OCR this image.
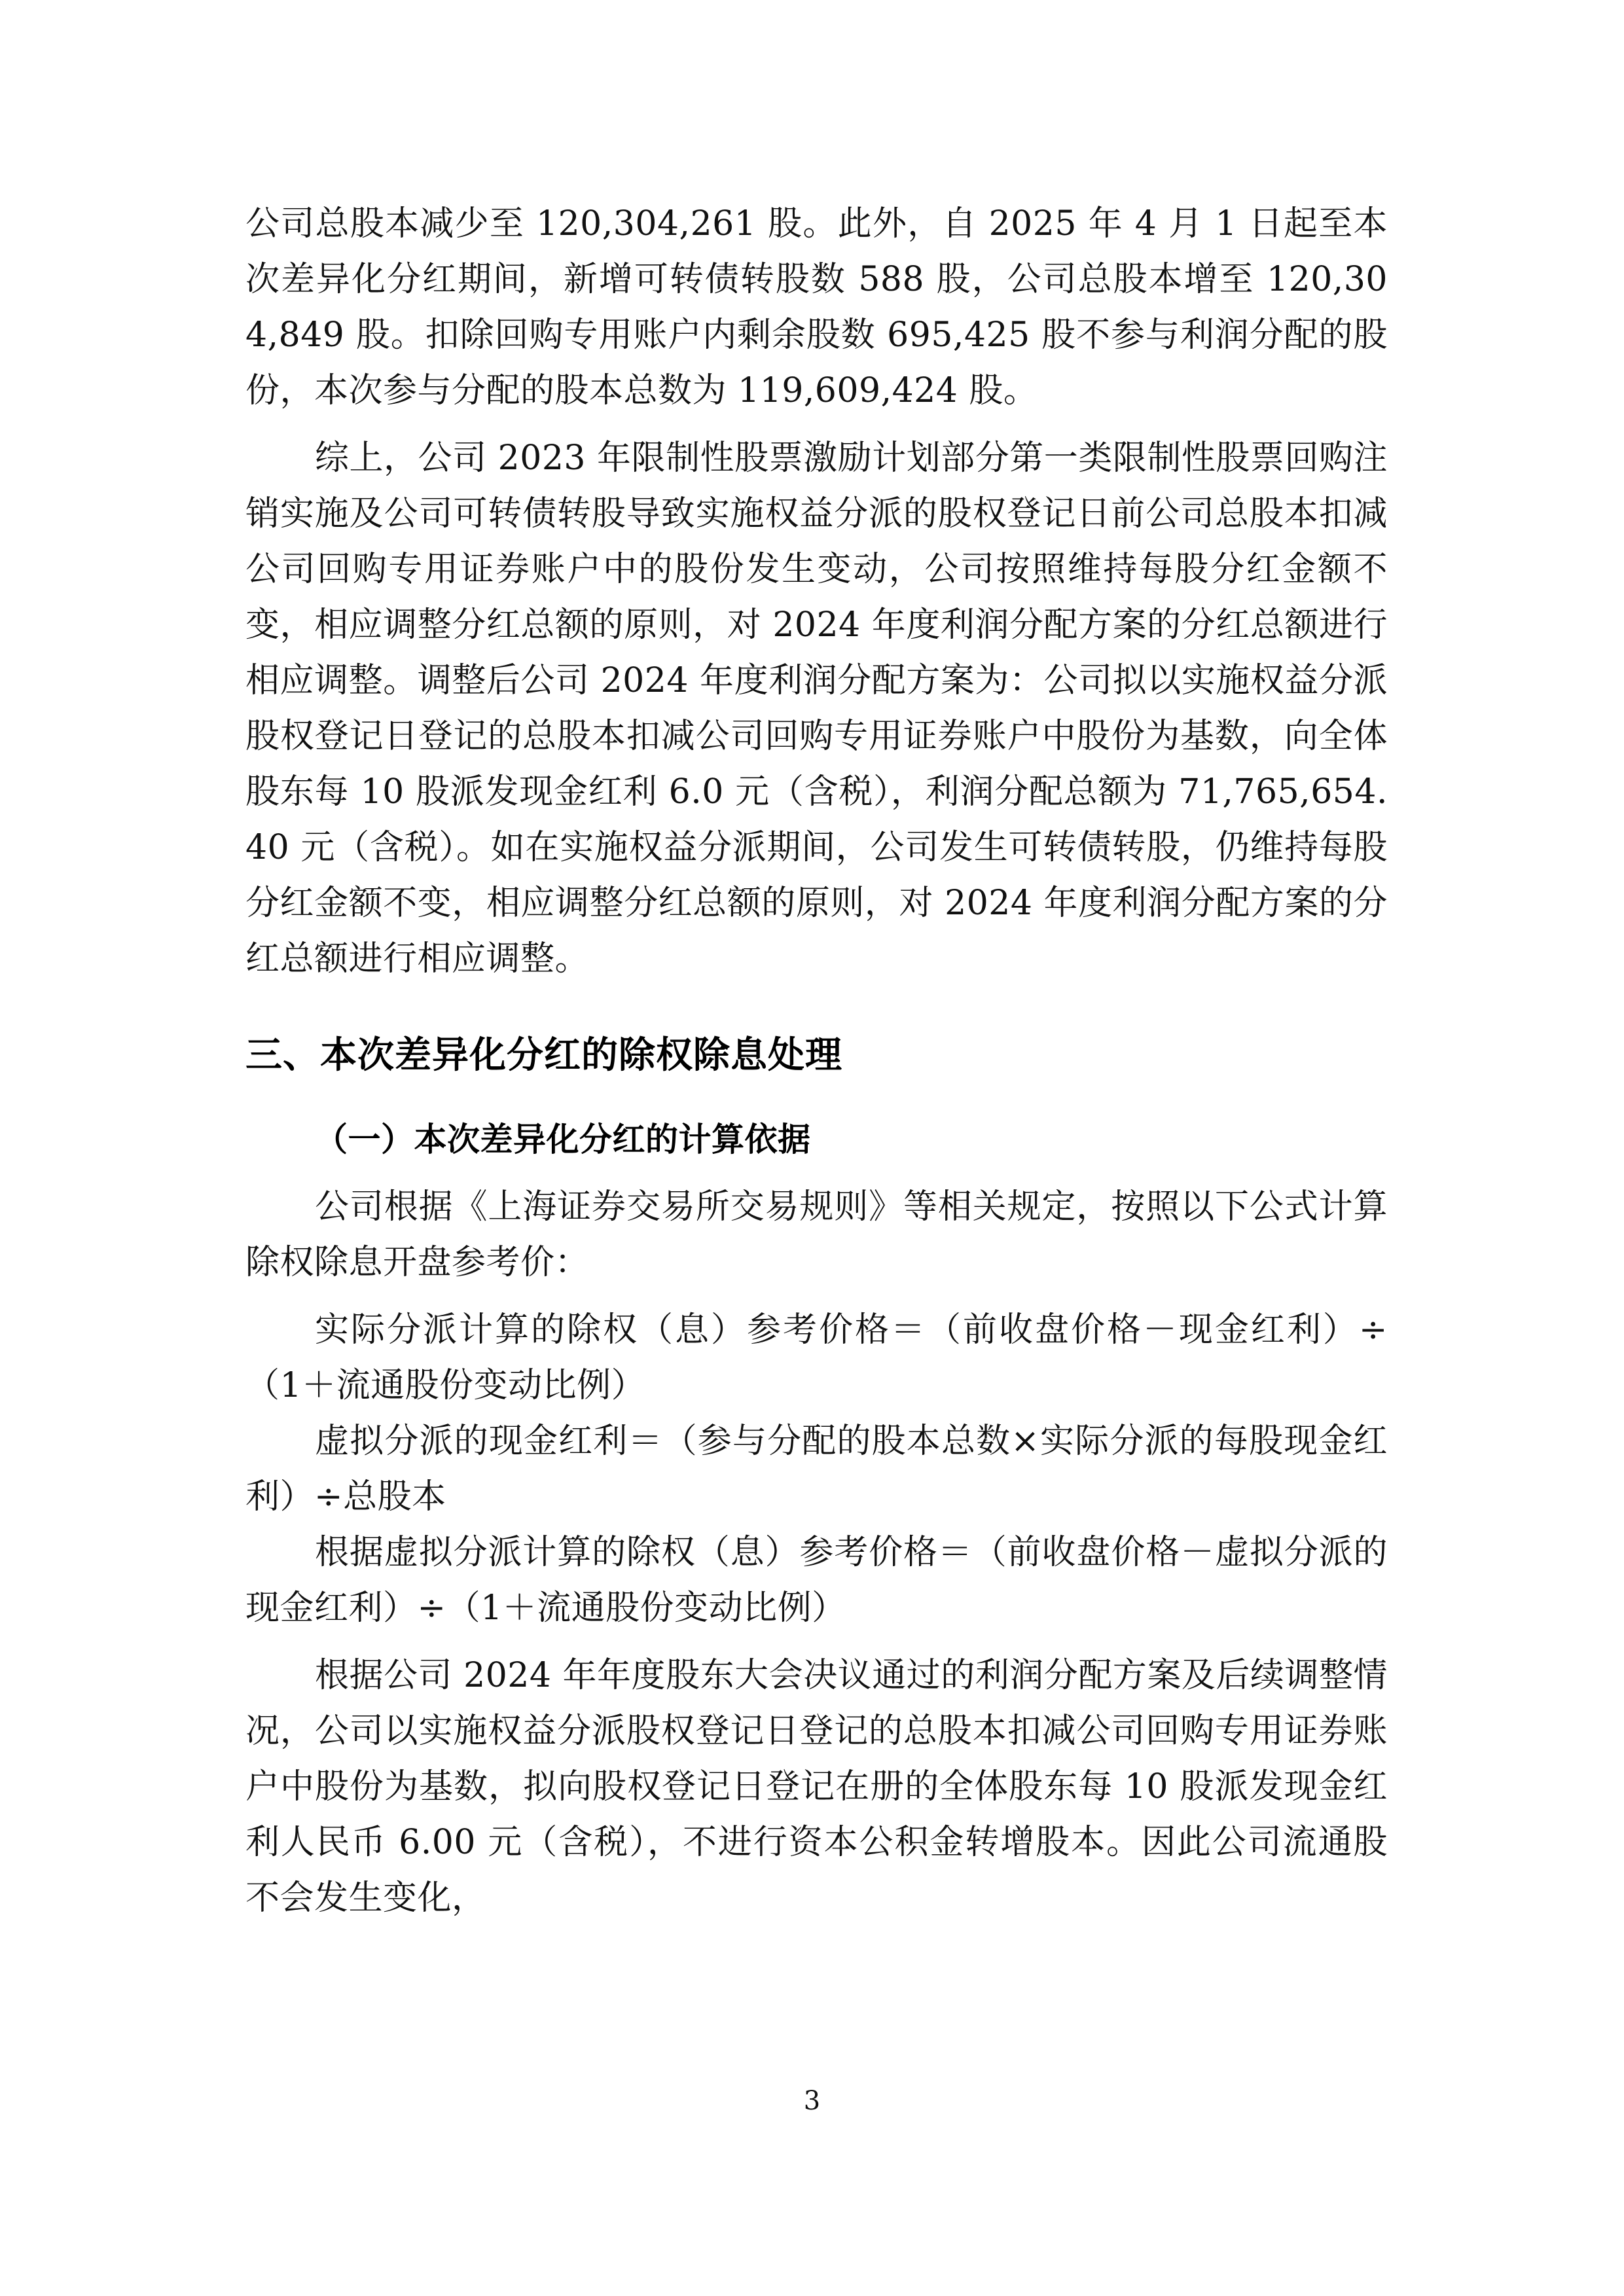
公司总股本减少至 120,304,261 股。此外，自 2025 年 4 月 1 日起至本次差异化分红期间，新增可转债转股数 588 股，公司总股本增至 120,304,849 股。扣除回购专用账户内剩余股数 695,425 股不参与利润分配的股份，本次参与分配的股本总数为 119,609,424 股。

综上，公司 2023 年限制性股票激励计划部分第一类限制性股票回购注销实施及公司可转债转股导致实施权益分派的股权登记日前公司总股本扣减公司回购专用证券账户中的股份发生变动，公司按照维持每股分红金额不变，相应调整分红总额的原则，对 2024 年度利润分配方案的分红总额进行相应调整。调整后公司 2024 年度利润分配方案为：公司拟以实施权益分派股权登记日登记的总股本扣减公司回购专用证券账户中股份为基数，向全体股东每 10 股派发现金红利 6.0 元（含税），利润分配总额为 71,765,654.40 元（含税）。如在实施权益分派期间，公司发生可转债转股，仍维持每股分红金额不变，相应调整分红总额的原则，对 2024 年度利润分配方案的分红总额进行相应调整。

三、本次差异化分红的除权除息处理
（一）本次差异化分红的计算依据

公司根据《上海证券交易所交易规则》等相关规定，按照以下公式计算除权除息开盘参考价：

实际分派计算的除权（息）参考价格＝（前收盘价格－现金红利）÷（1＋流通股份变动比例）

虚拟分派的现金红利＝（参与分配的股本总数×实际分派的每股现金红利）÷总股本

根据虚拟分派计算的除权（息）参考价格＝（前收盘价格－虚拟分派的现金红利）÷（1＋流通股份变动比例）

根据公司 2024 年年度股东大会决议通过的利润分配方案及后续调整情况，公司以实施权益分派股权登记日登记的总股本扣减公司回购专用证券账户中股份为基数，拟向股权登记日登记在册的全体股东每 10 股派发现金红利人民币 6.00 元（含税），不进行资本公积金转增股本。因此公司流通股不会发生变化，

3
